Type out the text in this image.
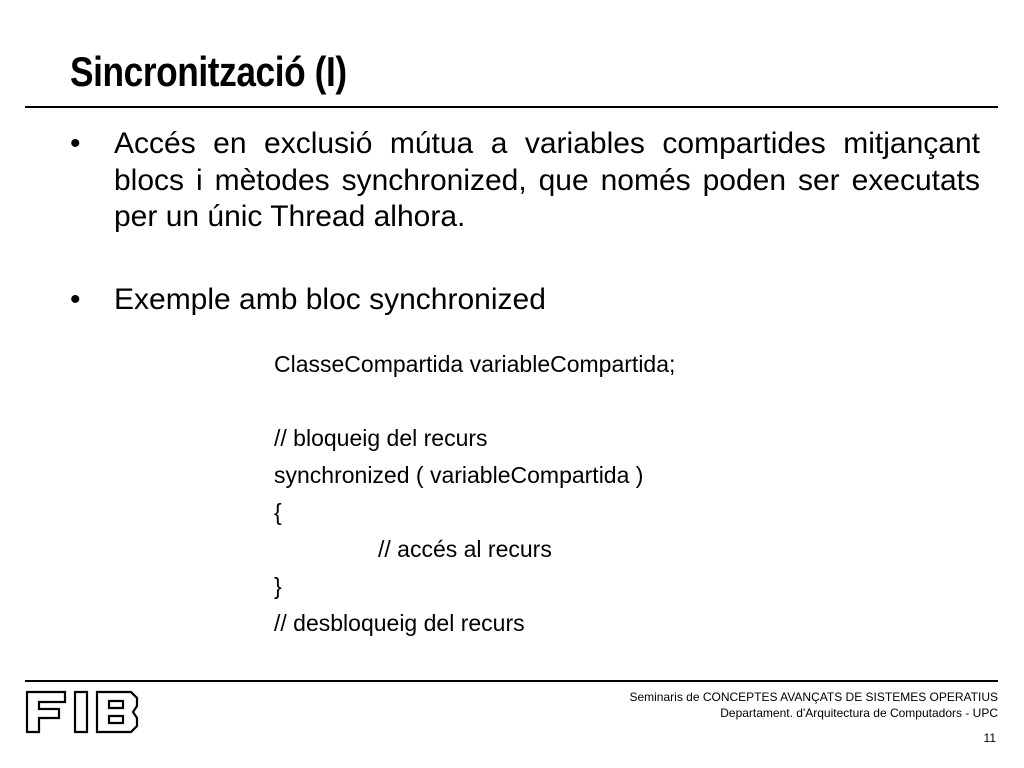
Sincronització (I)
• Accés en exclusió mútua a variables compartides mitjançant blocs i mètodes synchronized, que només poden ser executats per un únic Thread alhora.
• Exemple amb bloc synchronized
ClasseCompartida variableCompartida;
// bloqueig del recurs
synchronized ( variableCompartida )
{
// accés al recurs
}
// desbloqueig del recurs
Seminaris de CONCEPTES AVANÇATS DE SISTEMES OPERATIUS
Departament. d'Arquitectura de Computadors - UPC
11
